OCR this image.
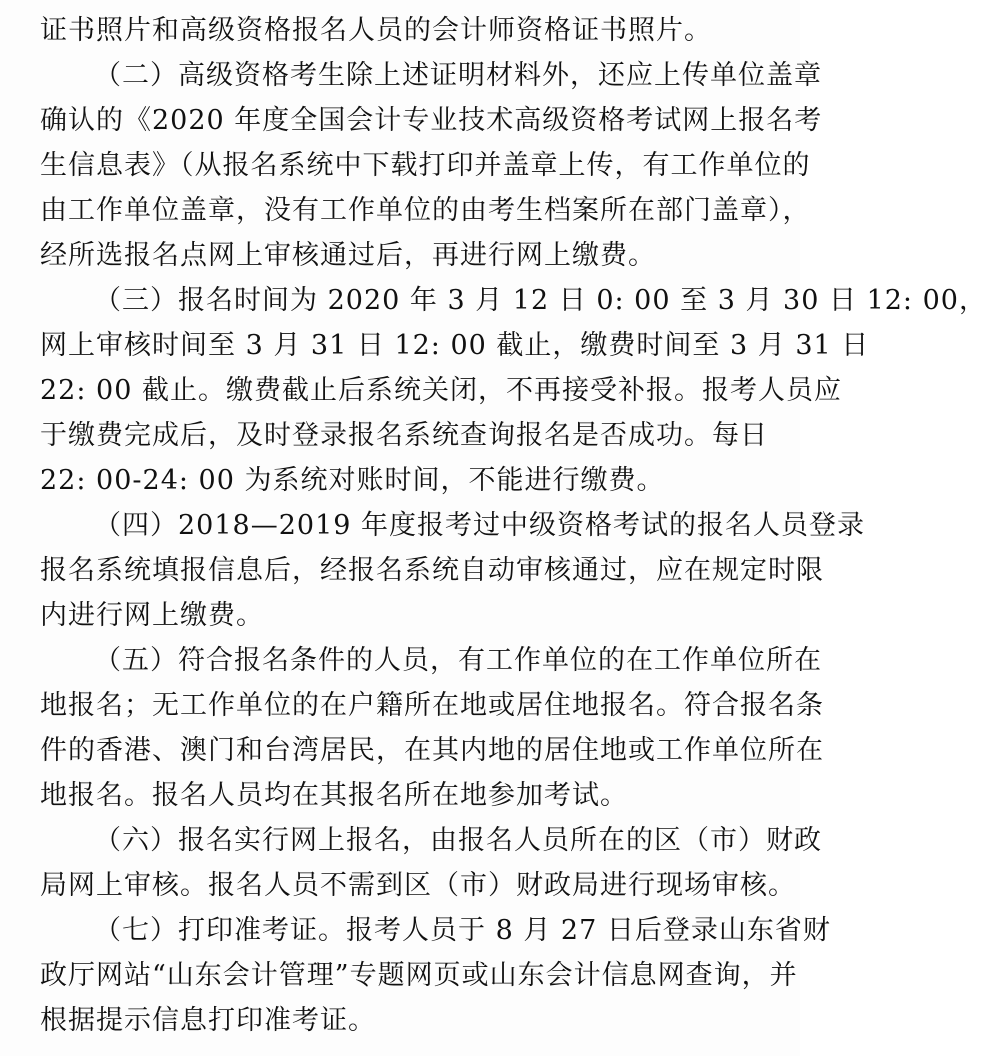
证书照片和高级资格报名人员的会计师资格证书照片。
（二）高级资格考生除上述证明材料外，还应上传单位盖章
确认的《2020 年度全国会计专业技术高级资格考试网上报名考
生信息表》（从报名系统中下载打印并盖章上传，有工作单位的
由工作单位盖章，没有工作单位的由考生档案所在部门盖章），
经所选报名点网上审核通过后，再进行网上缴费。
（三）报名时间为 2020 年 3 月 12 日 0: 00 至 3 月 30 日 12: 00，
网上审核时间至 3 月 31 日 12: 00 截止，缴费时间至 3 月 31 日
22: 00 截止。缴费截止后系统关闭，不再接受补报。报考人员应
于缴费完成后，及时登录报名系统查询报名是否成功。每日
22: 00-24: 00 为系统对账时间，不能进行缴费。
（四）2018—2019 年度报考过中级资格考试的报名人员登录
报名系统填报信息后，经报名系统自动审核通过，应在规定时限
内进行网上缴费。
（五）符合报名条件的人员，有工作单位的在工作单位所在
地报名；无工作单位的在户籍所在地或居住地报名。符合报名条
件的香港、澳门和台湾居民，在其内地的居住地或工作单位所在
地报名。报名人员均在其报名所在地参加考试。
（六）报名实行网上报名，由报名人员所在的区（市）财政
局网上审核。报名人员不需到区（市）财政局进行现场审核。
（七）打印准考证。报考人员于 8 月 27 日后登录山东省财
政厅网站“山东会计管理”专题网页或山东会计信息网查询，并
根据提示信息打印准考证。
